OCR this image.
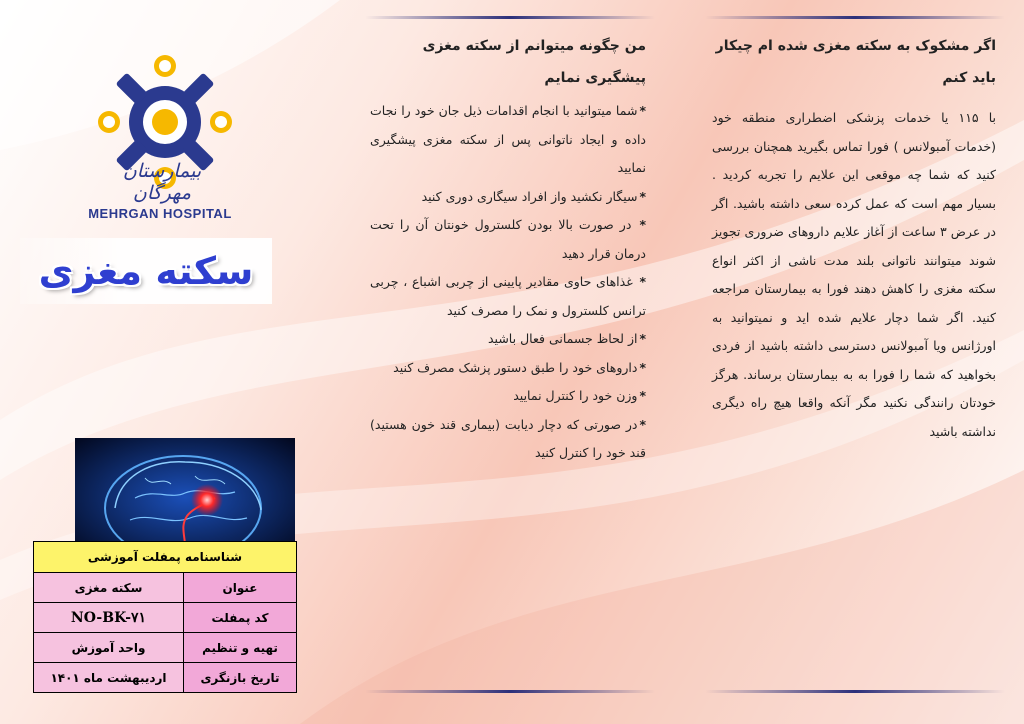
بیمارستان مهرگان
MEHRGAN HOSPITAL
سکته مغزی
شناسنامه پمفلت آموزشی	
عنوان	سکته مغزی
کد پمفلت	NO-BK-۷۱
تهیه و تنظیم	واحد آموزش
تاریخ بازنگری	اردیبهشت ماه ۱۴۰۱
من چگونه میتوانم از سکته مغزی پیشگیری نمایم
*شما میتوانید با انجام اقدامات ذیل جان خود را نجات داده و ایجاد ناتوانی پس از سکته مغزی پیشگیری نمایید
*سیگار نکشید واز افراد سیگاری دوری کنید
* در صورت بالا بودن کلسترول خونتان آن را تحت درمان قرار دهید
* غذاهای حاوی مقادیر پایینی از چربی اشباع ، چربی ترانس کلسترول و نمک را مصرف کنید
*از لحاظ جسمانی فعال باشید
*داروهای خود را طبق دستور پزشک مصرف کنید
*وزن خود را کنترل نمایید
*در صورتی که دچار دیابت (بیماری قند خون هستید) قند خود را کنترل کنید
اگر مشکوک به سکته مغزی شده ام چیکار باید کنم
با ۱۱۵ یا خدمات پزشکی اضطراری منطقه خود (خدمات آمبولانس ) فورا تماس بگیرید همچنان بررسی کنید که شما چه موقعی این علایم را تجربه کردید . بسیار مهم است که عمل کرده سعی داشته باشید. اگر در عرض ۳ ساعت از آغاز علایم داروهای ضروری تجویز شوند میتوانند ناتوانی بلند مدت ناشی از اکثر انواع سکته مغزی را کاهش دهند فورا به بیمارستان مراجعه کنید. اگر شما دچار علایم شده اید و نمیتوانید به اورژانس ویا آمبولانس دسترسی داشته باشید از فردی بخواهید که شما را فورا به به بیمارستان برساند. هرگز خودتان رانندگی نکنید مگر آنکه واقعا هیچ راه دیگری نداشته باشید
